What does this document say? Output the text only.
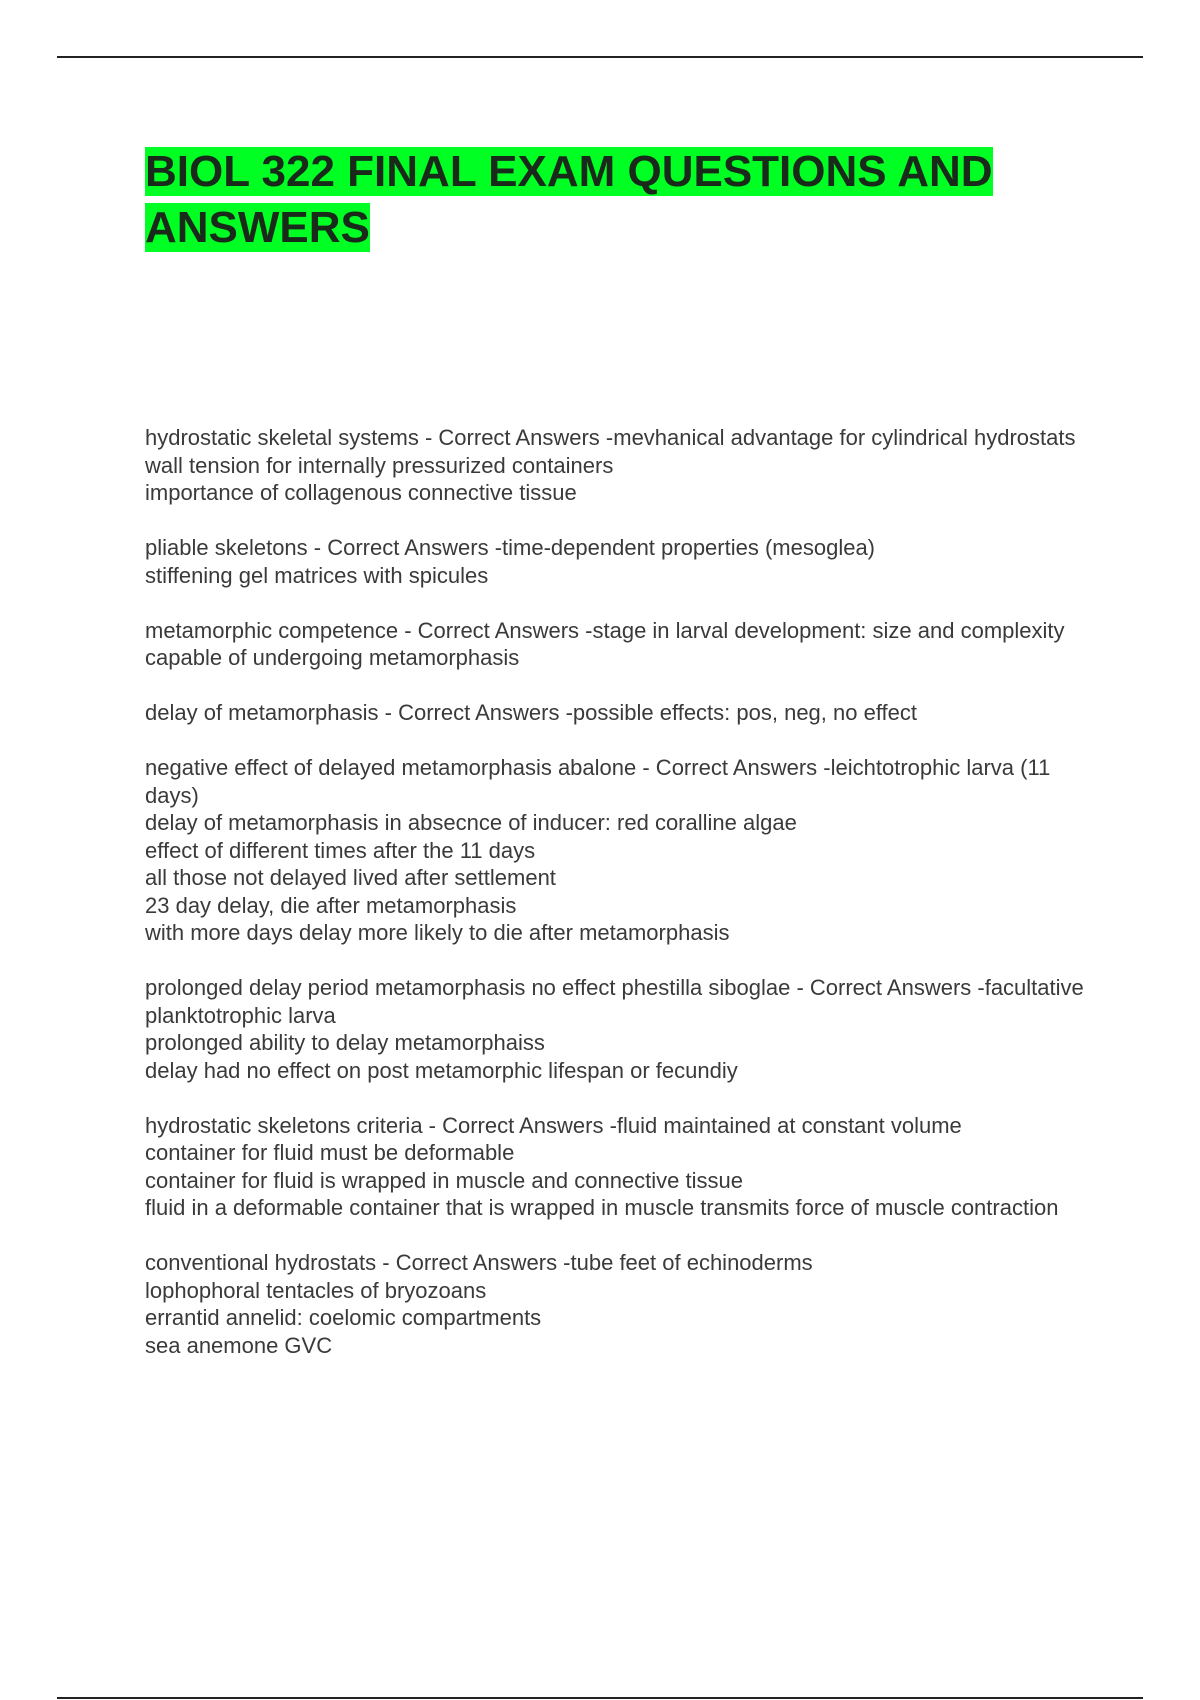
BIOL 322 FINAL EXAM QUESTIONS AND ANSWERS
hydrostatic skeletal systems - Correct Answers -mevhanical advantage for cylindrical hydrostats
wall tension for internally pressurized containers
importance of collagenous connective tissue
pliable skeletons - Correct Answers -time-dependent properties (mesoglea)
stiffening gel matrices with spicules
metamorphic competence - Correct Answers -stage in larval development: size and complexity capable of undergoing metamorphasis
delay of metamorphasis - Correct Answers -possible effects: pos, neg, no effect
negative effect of delayed metamorphasis abalone - Correct Answers -leichtotrophic larva (11 days)
delay of metamorphasis in absecnce of inducer: red coralline algae
effect of different times after the 11 days
all those not delayed lived after settlement
23 day delay, die after metamorphasis
with more days delay more likely to die after metamorphasis
prolonged delay period metamorphasis no effect phestilla siboglae - Correct Answers -facultative planktotrophic larva
prolonged ability to delay metamorphaiss
delay had no effect on post metamorphic lifespan or fecundiy
hydrostatic skeletons criteria - Correct Answers -fluid maintained at constant volume
container for fluid must be deformable
container for fluid is wrapped in muscle and connective tissue
fluid in a deformable container that is wrapped in muscle transmits force of muscle contraction
conventional hydrostats - Correct Answers -tube feet of echinoderms
lophophoral tentacles of bryozoans
errantid annelid: coelomic compartments
sea anemone GVC
